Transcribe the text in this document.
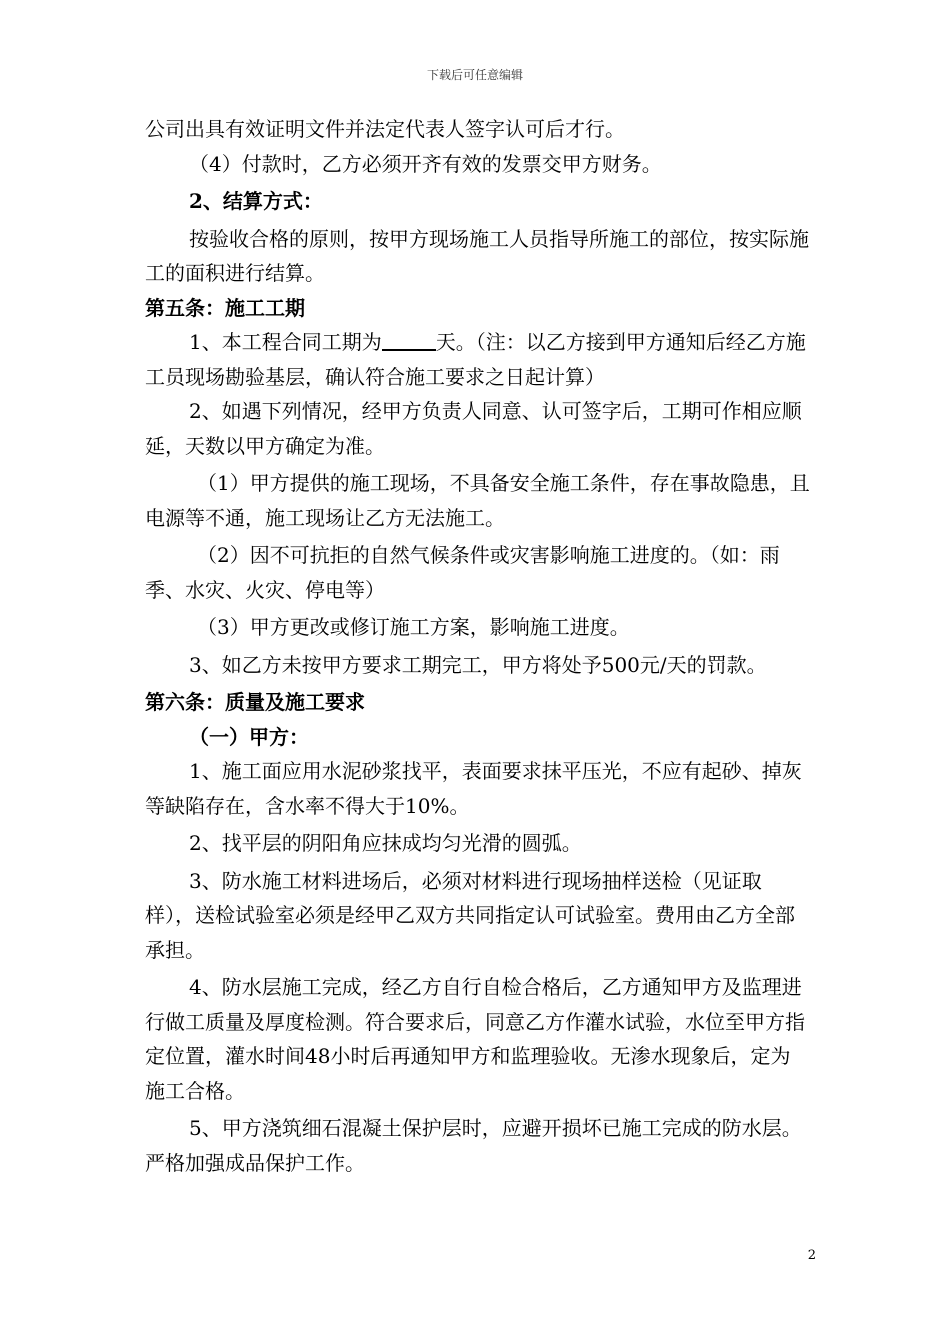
下载后可任意编辑

公司出具有效证明文件并法定代表人签字认可后才行。

（4）付款时，乙方必须开齐有效的发票交甲方财务。

2、结算方式：

按验收合格的原则，按甲方现场施工人员指导所施工的部位，按实际施工的面积进行结算。

第五条：施工工期

1、本工程合同工期为	天。（注：以乙方接到甲方通知后经乙方施工员现场勘验基层，确认符合施工要求之日起计算）

2、如遇下列情况，经甲方负责人同意、认可签字后，工期可作相应顺延，天数以甲方确定为准。

（1）甲方提供的施工现场，不具备安全施工条件，存在事故隐患，且电源等不通，施工现场让乙方无法施工。

（2）因不可抗拒的自然气候条件或灾害影响施工进度的。（如：雨季、水灾、火灾、停电等）

（3）甲方更改或修订施工方案，影响施工进度。

3、如乙方未按甲方要求工期完工，甲方将处予500元/天的罚款。

第六条：质量及施工要求

（一）甲方：

1、施工面应用水泥砂浆找平，表面要求抹平压光，不应有起砂、掉灰等缺陷存在，含水率不得大于10%。

2、找平层的阴阳角应抹成均匀光滑的圆弧。

3、防水施工材料进场后，必须对材料进行现场抽样送检（见证取样），送检试验室必须是经甲乙双方共同指定认可试验室。费用由乙方全部承担。

4、防水层施工完成，经乙方自行自检合格后，乙方通知甲方及监理进行做工质量及厚度检测。符合要求后，同意乙方作灌水试验，水位至甲方指定位置，灌水时间48小时后再通知甲方和监理验收。无渗水现象后，定为施工合格。

5、甲方浇筑细石混凝土保护层时，应避开损坏已施工完成的防水层。严格加强成品保护工作。

2
